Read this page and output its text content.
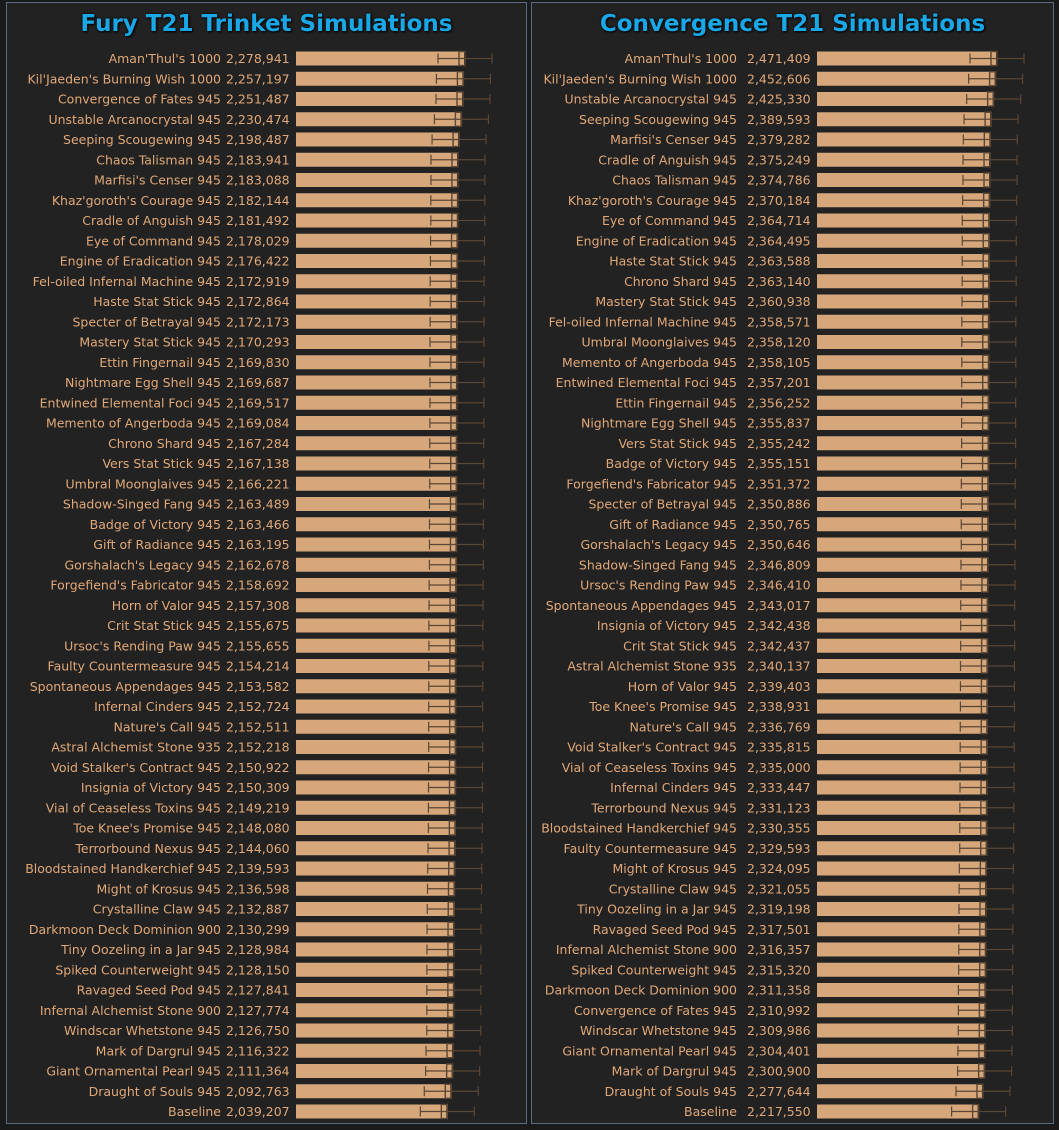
Fury T21 Trinket Simulations
Aman'Thul's 1000 2,278,941
Kil'Jaeden's Burning Wish 1000 2,257,197
Convergence of Fates 945 2,251,487
Unstable Arcanocrystal 945 2,230,474
Seeping Scougewing 945 2,198,487
Chaos Talisman 945 2,183,941
Marfisi's Censer 945 2,183,088
Khaz'goroth's Courage 945 2,182,144
Cradle of Anguish 945 2,181,492
Eye of Command 945 2,178,029
Engine of Eradication 945 2,176,422
Fel-oiled Infernal Machine 945 2,172,919
Haste Stat Stick 945 2,172,864
Specter of Betrayal 945 2,172,173
Mastery Stat Stick 945 2,170,293
Ettin Fingernail 945 2,169,830
Nightmare Egg Shell 945 2,169,687
Entwined Elemental Foci 945 2,169,517
Memento of Angerboda 945 2,169,084
Chrono Shard 945 2,167,284
Vers Stat Stick 945 2,167,138
Umbral Moonglaives 945 2,166,221
Shadow-Singed Fang 945 2,163,489
Badge of Victory 945 2,163,466
Gift of Radiance 945 2,163,195
Gorshalach's Legacy 945 2,162,678
Forgefiend's Fabricator 945 2,158,692
Horn of Valor 945 2,157,308
Crit Stat Stick 945 2,155,675
Ursoc's Rending Paw 945 2,155,655
Faulty Countermeasure 945 2,154,214
Spontaneous Appendages 945 2,153,582
Infernal Cinders 945 2,152,724
Nature's Call 945 2,152,511
Astral Alchemist Stone 935 2,152,218
Void Stalker's Contract 945 2,150,922
Insignia of Victory 945 2,150,309
Vial of Ceaseless Toxins 945 2,149,219
Toe Knee's Promise 945 2,148,080
Terrorbound Nexus 945 2,144,060
Bloodstained Handkerchief 945 2,139,593
Might of Krosus 945 2,136,598
Crystalline Claw 945 2,132,887
Darkmoon Deck Dominion 900 2,130,299
Tiny Oozeling in a Jar 945 2,128,984
Spiked Counterweight 945 2,128,150
Ravaged Seed Pod 945 2,127,841
Infernal Alchemist Stone 900 2,127,774
Windscar Whetstone 945 2,126,750
Mark of Dargrul 945 2,116,322
Giant Ornamental Pearl 945 2,111,364
Draught of Souls 945 2,092,763
Baseline 2,039,207
Convergence T21 Simulations
Aman'Thul's 1000 2,471,409
Kil'Jaeden's Burning Wish 1000 2,452,606
Unstable Arcanocrystal 945 2,425,330
Seeping Scougewing 945 2,389,593
Marfisi's Censer 945 2,379,282
Cradle of Anguish 945 2,375,249
Chaos Talisman 945 2,374,786
Khaz'goroth's Courage 945 2,370,184
Eye of Command 945 2,364,714
Engine of Eradication 945 2,364,495
Haste Stat Stick 945 2,363,588
Chrono Shard 945 2,363,140
Mastery Stat Stick 945 2,360,938
Fel-oiled Infernal Machine 945 2,358,571
Umbral Moonglaives 945 2,358,120
Memento of Angerboda 945 2,358,105
Entwined Elemental Foci 945 2,357,201
Ettin Fingernail 945 2,356,252
Nightmare Egg Shell 945 2,355,837
Vers Stat Stick 945 2,355,242
Badge of Victory 945 2,355,151
Forgefiend's Fabricator 945 2,351,372
Specter of Betrayal 945 2,350,886
Gift of Radiance 945 2,350,765
Gorshalach's Legacy 945 2,350,646
Shadow-Singed Fang 945 2,346,809
Ursoc's Rending Paw 945 2,346,410
Spontaneous Appendages 945 2,343,017
Insignia of Victory 945 2,342,438
Crit Stat Stick 945 2,342,437
Astral Alchemist Stone 935 2,340,137
Horn of Valor 945 2,339,403
Toe Knee's Promise 945 2,338,931
Nature's Call 945 2,336,769
Void Stalker's Contract 945 2,335,815
Vial of Ceaseless Toxins 945 2,335,000
Infernal Cinders 945 2,333,447
Terrorbound Nexus 945 2,331,123
Bloodstained Handkerchief 945 2,330,355
Faulty Countermeasure 945 2,329,593
Might of Krosus 945 2,324,095
Crystalline Claw 945 2,321,055
Tiny Oozeling in a Jar 945 2,319,198
Ravaged Seed Pod 945 2,317,501
Infernal Alchemist Stone 900 2,316,357
Spiked Counterweight 945 2,315,320
Darkmoon Deck Dominion 900 2,311,358
Convergence of Fates 945 2,310,992
Windscar Whetstone 945 2,309,986
Giant Ornamental Pearl 945 2,304,401
Mark of Dargrul 945 2,300,900
Draught of Souls 945 2,277,644
Baseline 2,217,550
